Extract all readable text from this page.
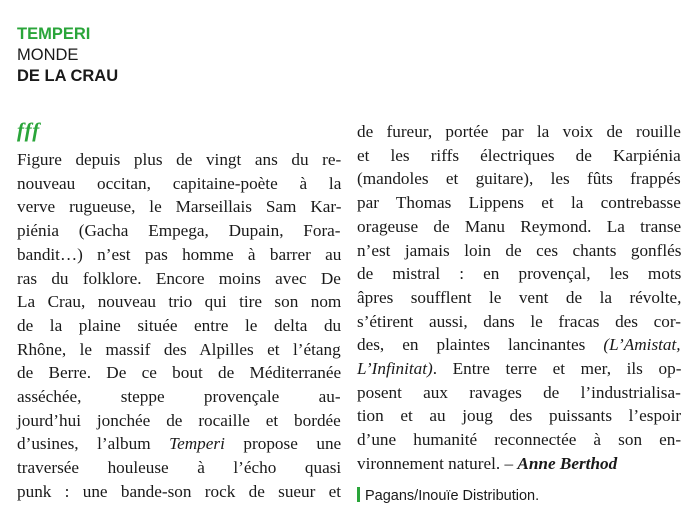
TEMPERI
MONDE
DE LA CRAU
fff
Figure depuis plus de vingt ans du re-
nouveau occitan, capitaine-poète à la
verve rugueuse, le Marseillais Sam Kar-
piénia (Gacha Empega, Dupain, Fora-
bandit…) n’est pas homme à barrer au
ras du folklore. Encore moins avec De
La Crau, nouveau trio qui tire son nom
de la plaine située entre le delta du
Rhône, le massif des Alpilles et l’étang
de Berre. De ce bout de Méditerranée
asséchée, steppe provençale au-
jourd’hui jonchée de rocaille et bordée
d’usines, l’album Temperi propose une
traversée houleuse à l’écho quasi
punk : une bande-son rock de sueur et
de fureur, portée par la voix de rouille
et les riffs électriques de Karpiénia
(mandoles et guitare), les fûts frappés
par Thomas Lippens et la contrebasse
orageuse de Manu Reymond. La transe
n’est jamais loin de ces chants gonflés
de mistral : en provençal, les mots
âpres soufflent le vent de la révolte,
s’étirent aussi, dans le fracas des cor-
des, en plaintes lancinantes (L’Amistat,
L’Infinitat). Entre terre et mer, ils op-
posent aux ravages de l’industrialisa-
tion et au joug des puissants l’espoir
d’une humanité reconnectée à son en-
vironnement naturel. – Anne Berthod
Pagans/Inouïe Distribution.
